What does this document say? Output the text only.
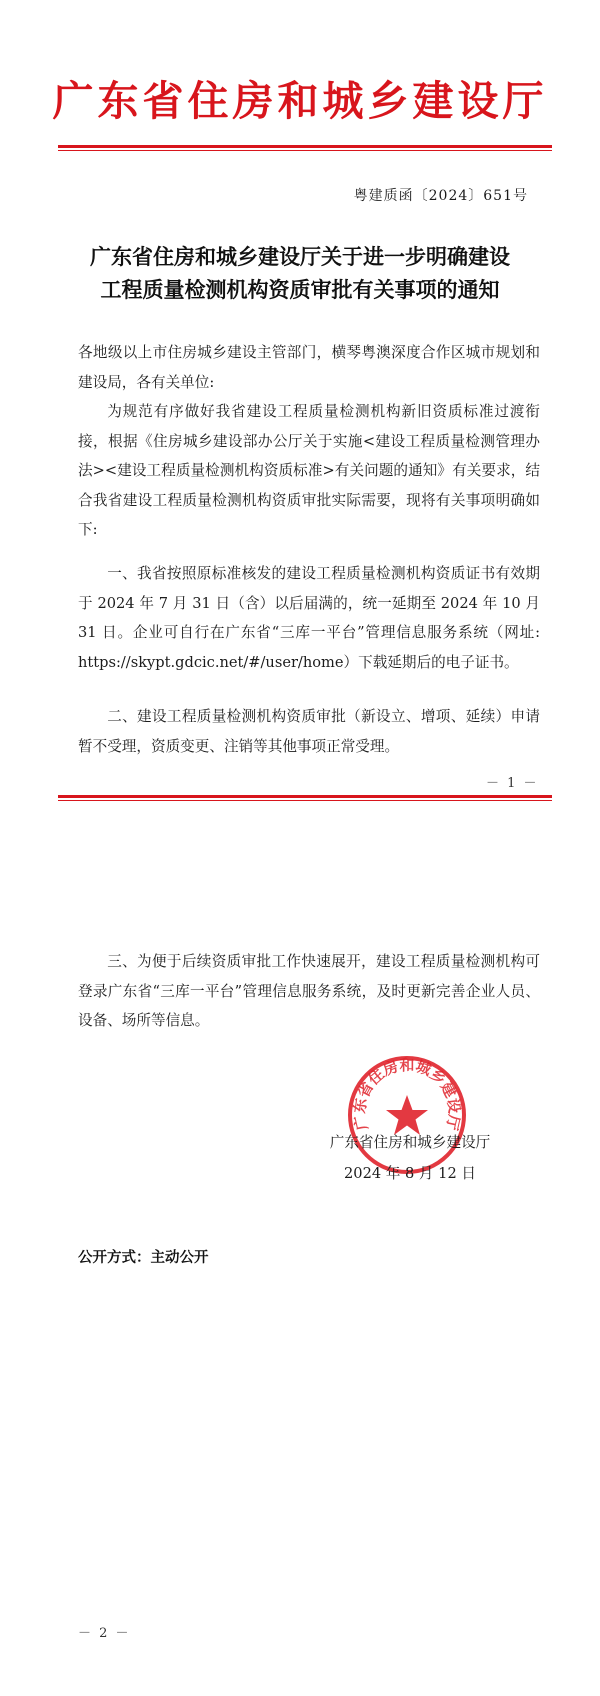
广东省住房和城乡建设厅
粤建质函〔2024〕651号
广东省住房和城乡建设厅关于进一步明确建设
工程质量检测机构资质审批有关事项的通知
各地级以上市住房城乡建设主管部门，横琴粤澳深度合作区城市规划和建设局，各有关单位:
为规范有序做好我省建设工程质量检测机构新旧资质标准过渡衔接，根据《住房城乡建设部办公厅关于实施<建设工程质量检测管理办法><建设工程质量检测机构资质标准>有关问题的通知》有关要求，结合我省建设工程质量检测机构资质审批实际需要，现将有关事项明确如下:
一、我省按照原标准核发的建设工程质量检测机构资质证书有效期于 2024 年 7 月 31 日（含）以后届满的，统一延期至 2024 年 10 月 31 日。企业可自行在广东省“三库一平台”管理信息服务系统（网址: https://skypt.gdcic.net/#/user/home）下载延期后的电子证书。
二、建设工程质量检测机构资质审批（新设立、增项、延续）申请暂不受理，资质变更、注销等其他事项正常受理。
－ 1 －
三、为便于后续资质审批工作快速展开，建设工程质量检测机构可登录广东省“三库一平台”管理信息服务系统，及时更新完善企业人员、设备、场所等信息。
广东省住房和城乡建设厅
广东省住房和城乡建设厅
2024 年 8 月 12 日
公开方式：主动公开
－ 2 －
